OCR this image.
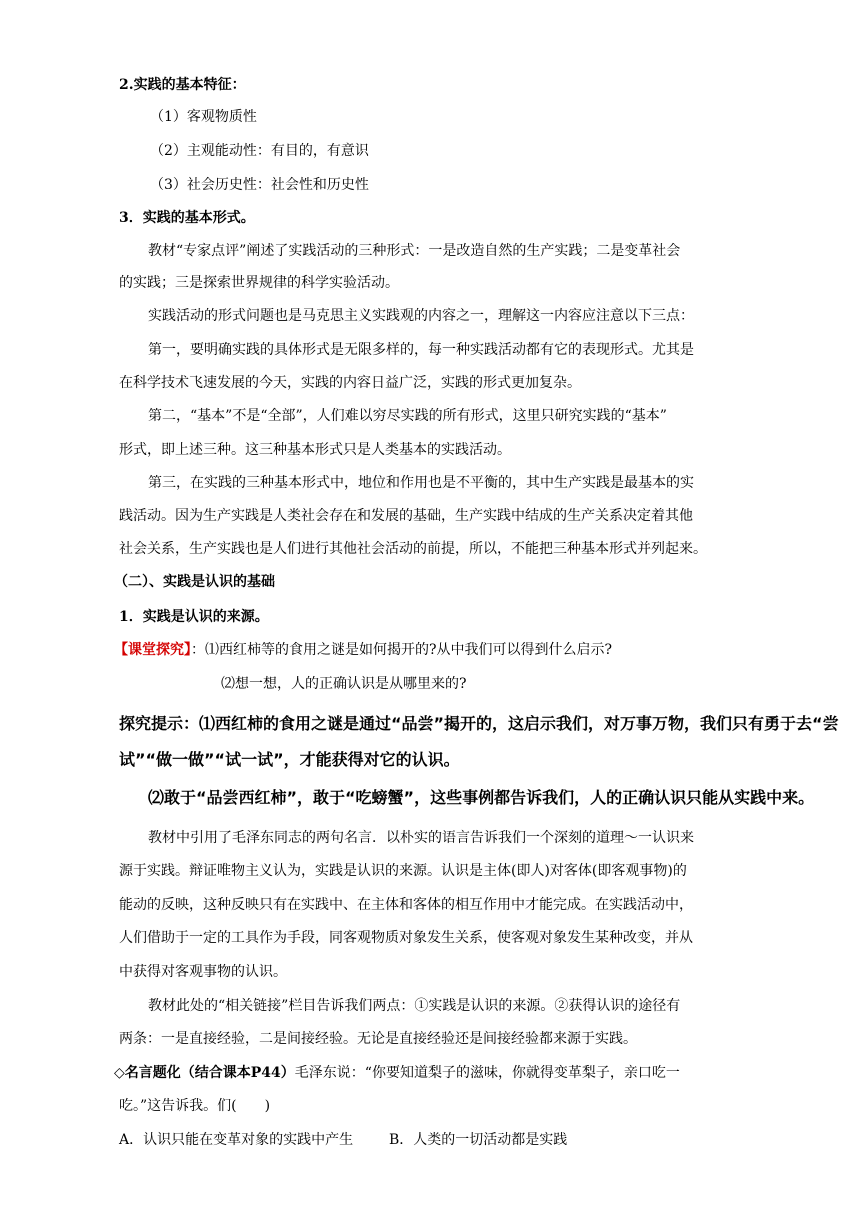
2.实践的基本特征：
（1）客观物质性
（2）主观能动性：有目的，有意识
（3）社会历史性：社会性和历史性
3．实践的基本形式。
教材“专家点评”阐述了实践活动的三种形式：一是改造自然的生产实践；二是变革社会
的实践；三是探索世界规律的科学实验活动。
实践活动的形式问题也是马克思主义实践观的内容之一，理解这一内容应注意以下三点：
第一，要明确实践的具体形式是无限多样的，每一种实践活动都有它的表现形式。尤其是
在科学技术飞速发展的今天，实践的内容日益广泛，实践的形式更加复杂。
第二，“基本”不是“全部”，人们难以穷尽实践的所有形式，这里只研究实践的“基本”
形式，即上述三种。这三种基本形式只是人类基本的实践活动。
第三，在实践的三种基本形式中，地位和作用也是不平衡的，其中生产实践是最基本的实
践活动。因为生产实践是人类社会存在和发展的基础，生产实践中结成的生产关系决定着其他
社会关系，生产实践也是人们进行其他社会活动的前提，所以，不能把三种基本形式并列起来。
（二）、实践是认识的基础
1．实践是认识的来源。
【课堂探究】：⑴西红柿等的食用之谜是如何揭开的?从中我们可以得到什么启示?
⑵想一想，人的正确认识是从哪里来的?
探究提示：⑴西红柿的食用之谜是通过“品尝”揭开的，这启示我们，对万事万物，我们只有勇于去“尝
试”“做一做”“试一试”，才能获得对它的认识。
⑵敢于“品尝西红柿”，敢于“吃螃蟹”，这些事例都告诉我们，人的正确认识只能从实践中来。
教材中引用了毛泽东同志的两句名言．以朴实的语言告诉我们一个深刻的道理～一认识来
源于实践。辩证唯物主义认为，实践是认识的来源。认识是主体(即人)对客体(即客观事物)的
能动的反映，这种反映只有在实践中、在主体和客体的相互作用中才能完成。在实践活动中，
人们借助于一定的工具作为手段，同客观物质对象发生关系，使客观对象发生某种改变，并从
中获得对客观事物的认识。
教材此处的“相关链接”栏目告诉我们两点：①实践是认识的来源。②获得认识的途径有
两条：一是直接经验，二是间接经验。无论是直接经验还是间接经验都来源于实践。
◇名言题化（结合课本P44）毛泽东说：“你要知道梨子的滋味，你就得变革梨子，亲口吃一
吃。”这告诉我。们(　　)
A．认识只能在变革对象的实践中产生	B．人类的一切活动都是实践
